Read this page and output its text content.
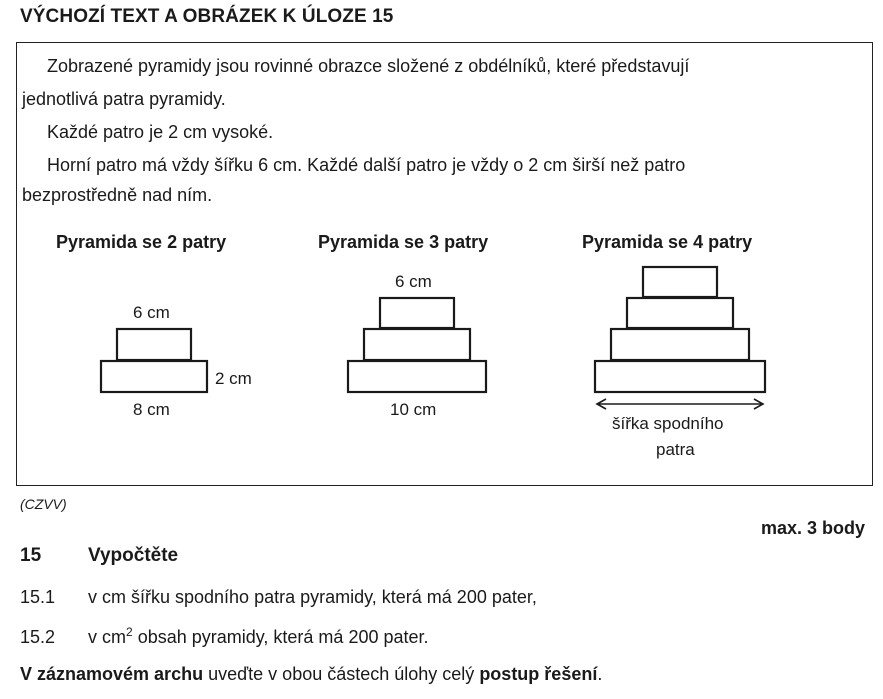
VÝCHOZÍ TEXT A OBRÁZEK K ÚLOZE 15
Zobrazené pyramidy jsou rovinné obrazce složené z obdélníků, které představují
jednotlivá patra pyramidy.
Každé patro je 2 cm vysoké.
Horní patro má vždy šířku 6 cm. Každé další patro je vždy o 2 cm širší než patro
bezprostředně nad ním.
Pyramida se 2 patry	Pyramida se 3 patry	Pyramida se 4 patry
6 cm
2 cm
8 cm
6 cm
10 cm
šířka spodního
patra
(CZVV)
max. 3 body
15 Vypočtěte
15.1 v cm šířku spodního patra pyramidy, která má 200 pater,
15.2 v $cm^2$ obsah pyramidy, která má 200 pater.
V záznamovém archu uveďte v obou částech úlohy celý postup řešení.
